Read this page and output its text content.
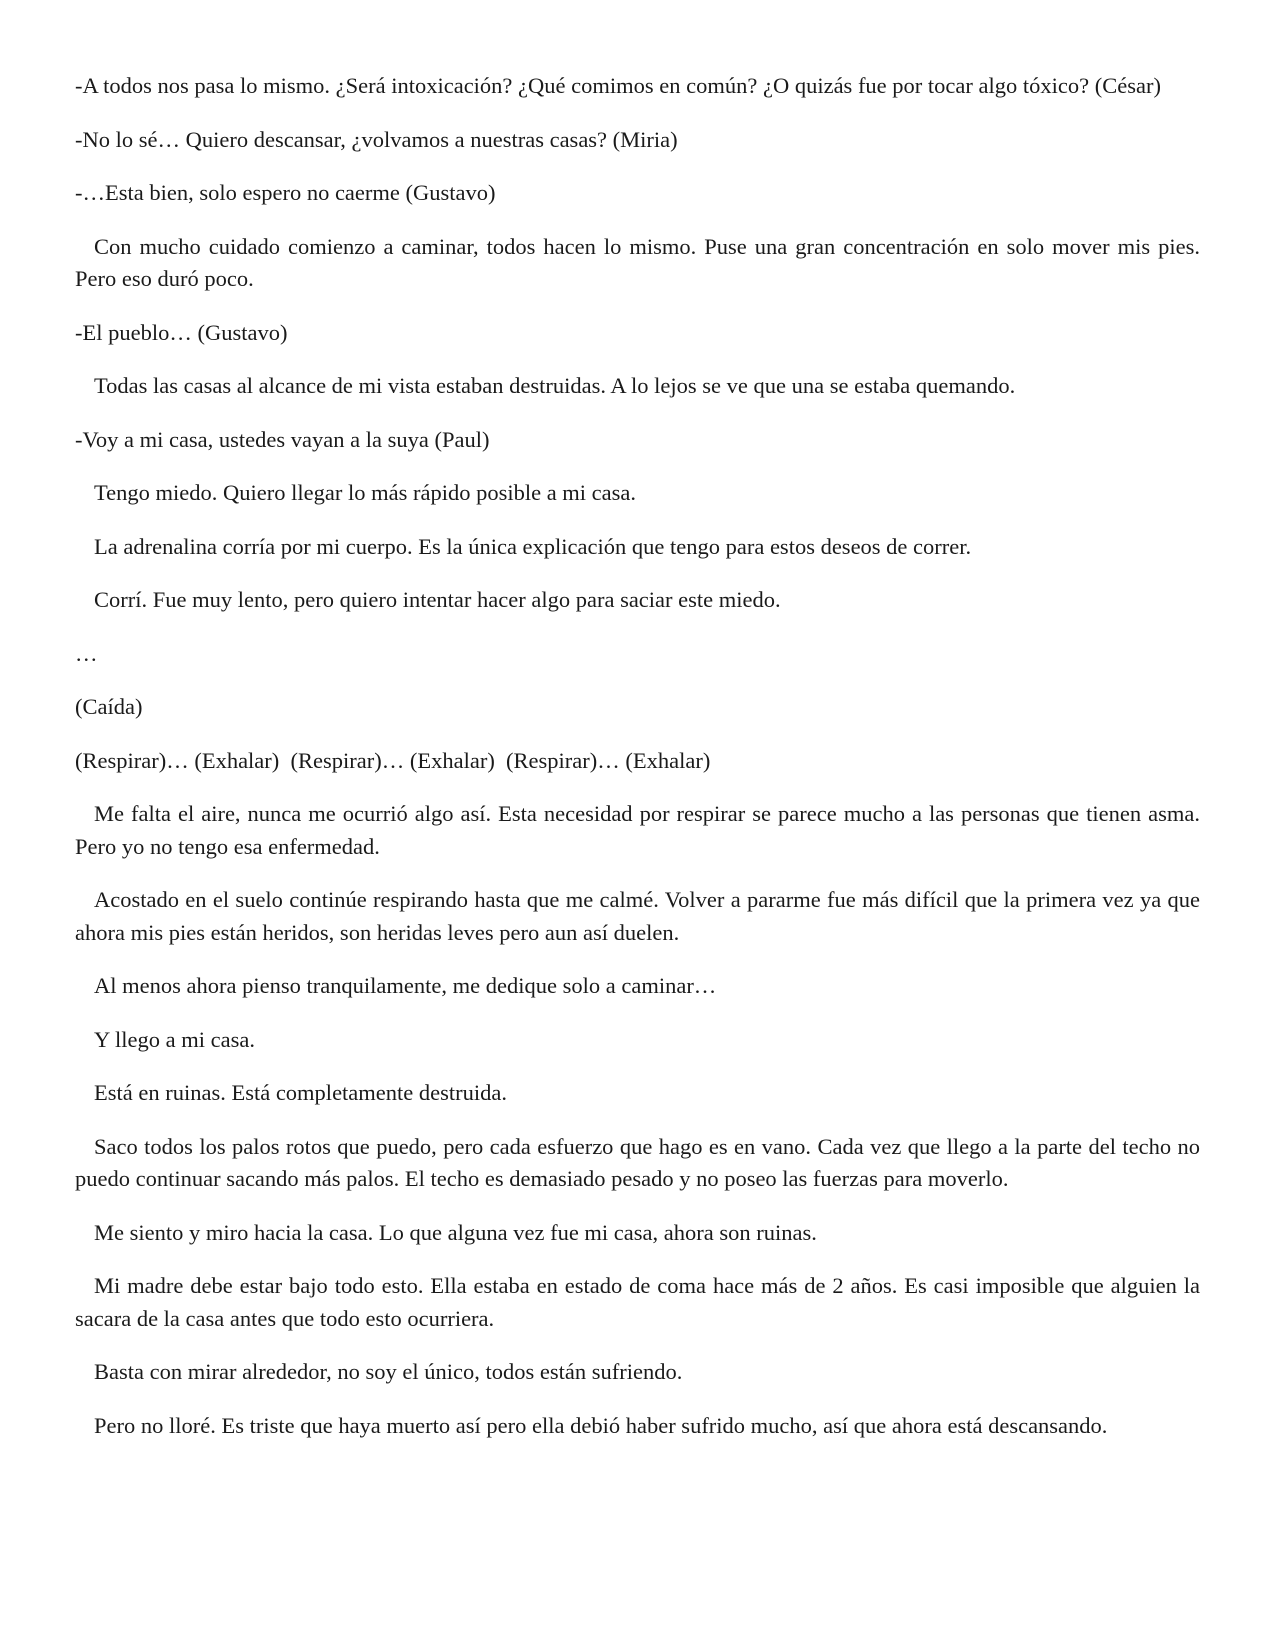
-A todos nos pasa lo mismo. ¿Será intoxicación? ¿Qué comimos en común? ¿O quizás fue por tocar algo tóxico? (César)

-No lo sé… Quiero descansar, ¿volvamos a nuestras casas? (Miria)

-…Esta bien, solo espero no caerme (Gustavo)

Con mucho cuidado comienzo a caminar, todos hacen lo mismo. Puse una gran concentración en solo mover mis pies. Pero eso duró poco.

-El pueblo… (Gustavo)

Todas las casas al alcance de mi vista estaban destruidas. A lo lejos se ve que una se estaba quemando.

-Voy a mi casa, ustedes vayan a la suya (Paul)

Tengo miedo. Quiero llegar lo más rápido posible a mi casa.

La adrenalina corría por mi cuerpo. Es la única explicación que tengo para estos deseos de correr.

Corrí. Fue muy lento, pero quiero intentar hacer algo para saciar este miedo.

…

(Caída)

(Respirar)… (Exhalar)  (Respirar)… (Exhalar)  (Respirar)… (Exhalar)

Me falta el aire, nunca me ocurrió algo así. Esta necesidad por respirar se parece mucho a las personas que tienen asma. Pero yo no tengo esa enfermedad.

Acostado en el suelo continúe respirando hasta que me calmé. Volver a pararme fue más difícil que la primera vez ya que ahora mis pies están heridos, son heridas leves pero aun así duelen.

Al menos ahora pienso tranquilamente, me dedique solo a caminar…

Y llego a mi casa.

Está en ruinas. Está completamente destruida.

Saco todos los palos rotos que puedo, pero cada esfuerzo que hago es en vano. Cada vez que llego a la parte del techo no puedo continuar sacando más palos. El techo es demasiado pesado y no poseo las fuerzas para moverlo.

Me siento y miro hacia la casa. Lo que alguna vez fue mi casa, ahora son ruinas.

Mi madre debe estar bajo todo esto. Ella estaba en estado de coma hace más de 2 años. Es casi imposible que alguien la sacara de la casa antes que todo esto ocurriera.

Basta con mirar alrededor, no soy el único, todos están sufriendo.

Pero no lloré. Es triste que haya muerto así pero ella debió haber sufrido mucho, así que ahora está descansando.
